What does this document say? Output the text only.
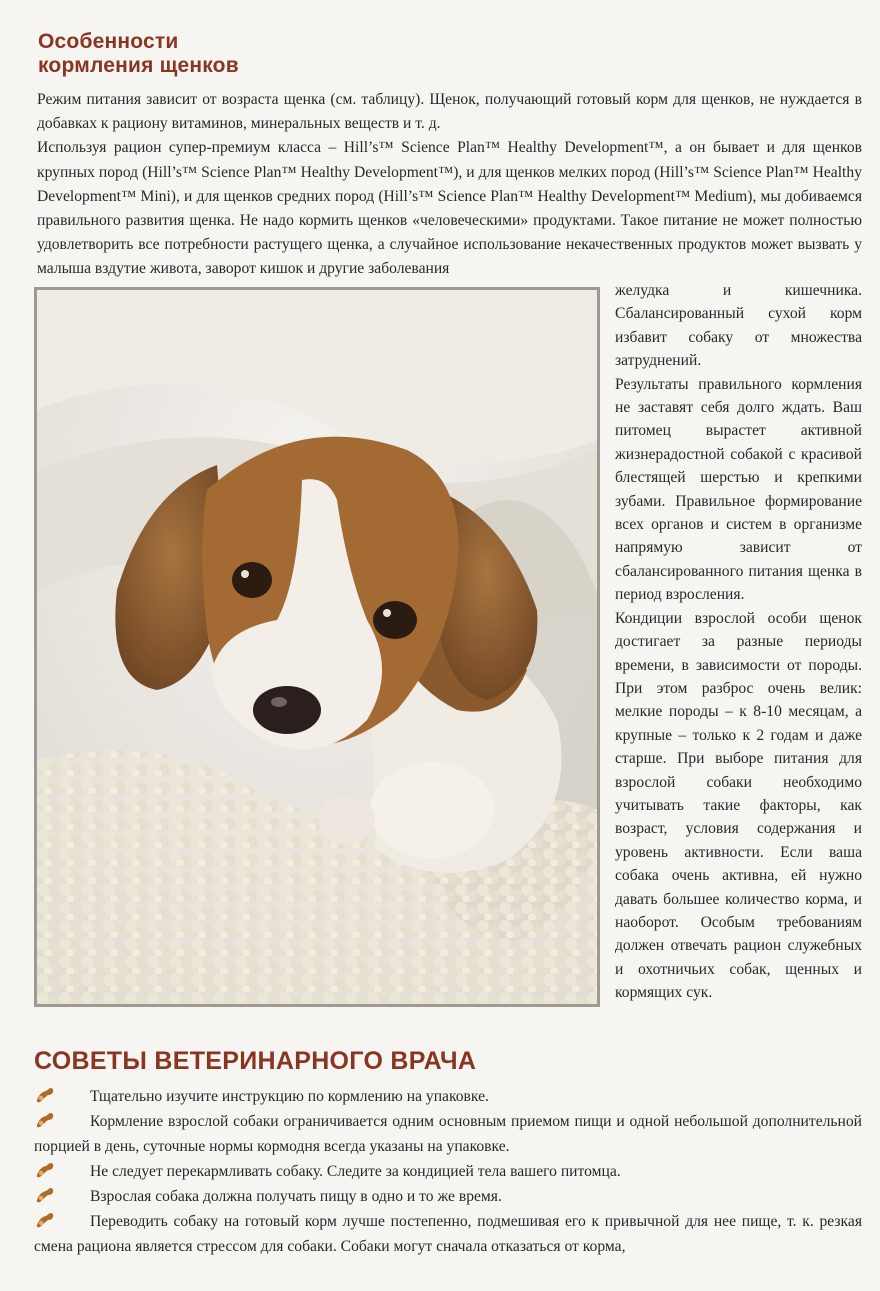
Особенности
кормления щенков

Режим питания зависит от возраста щенка (см. таблицу). Щенок, получающий готовый корм для щенков, не нуждается в добавках к рациону витаминов, минеральных веществ и т. д.

Используя рацион супер-премиум класса – Hill’s™ Science Plan™ Healthy Development™, а он бывает и для щенков крупных пород (Hill’s™ Science Plan™ Healthy Development™), и для щенков мелких пород (Hill’s™ Science Plan™ Healthy Development™ Mini), и для щенков средних пород (Hill’s™ Science Plan™ Healthy Development™ Medium), мы добиваемся правильного развития щенка. Не надо кормить щенков «человеческими» продуктами. Такое питание не может полностью удовлетворить все потребности растущего щенка, а случайное использование некачественных продуктов может вызвать у малыша вздутие живота, заворот кишок и другие заболевания

желудка и кишечника. Сбалансированный сухой корм избавит собаку от множества затруднений.

Результаты правильного кормления не заставят себя долго ждать. Ваш питомец вырастет активной жизнерадостной собакой с красивой блестящей шерстью и крепкими зубами. Правильное формирование всех органов и систем в организме напрямую зависит от сбалансированного питания щенка в период взросления.

Кондиции взрослой особи щенок достигает за разные периоды времени, в зависимости от породы. При этом разброс очень велик: мелкие породы – к 8-10 месяцам, а крупные – только к 2 годам и даже старше. При выборе питания для взрослой собаки необходимо учитывать такие факторы, как возраст, условия содержания и уровень активности. Если ваша собака очень активна, ей нужно давать большее количество корма, и наоборот. Особым требованиям должен отвечать рацион служебных и охотничьих собак, щенных и кормящих сук.

СОВЕТЫ ВЕТЕРИНАРНОГО ВРАЧА
Тщательно изучите инструкцию по кормлению на упаковке.
Кормление взрослой собаки ограничивается одним основным приемом пищи и одной небольшой дополнительной порцией в день, суточные нормы кормодня всегда указаны на упаковке.
Не следует перекармливать собаку. Следите за кондицией тела вашего питомца.
Взрослая собака должна получать пищу в одно и то же время.
Переводить собаку на готовый корм лучше постепенно, подмешивая его к привычной для нее пище, т. к. резкая смена рациона является стрессом для собаки. Собаки могут сначала отказаться от корма,
